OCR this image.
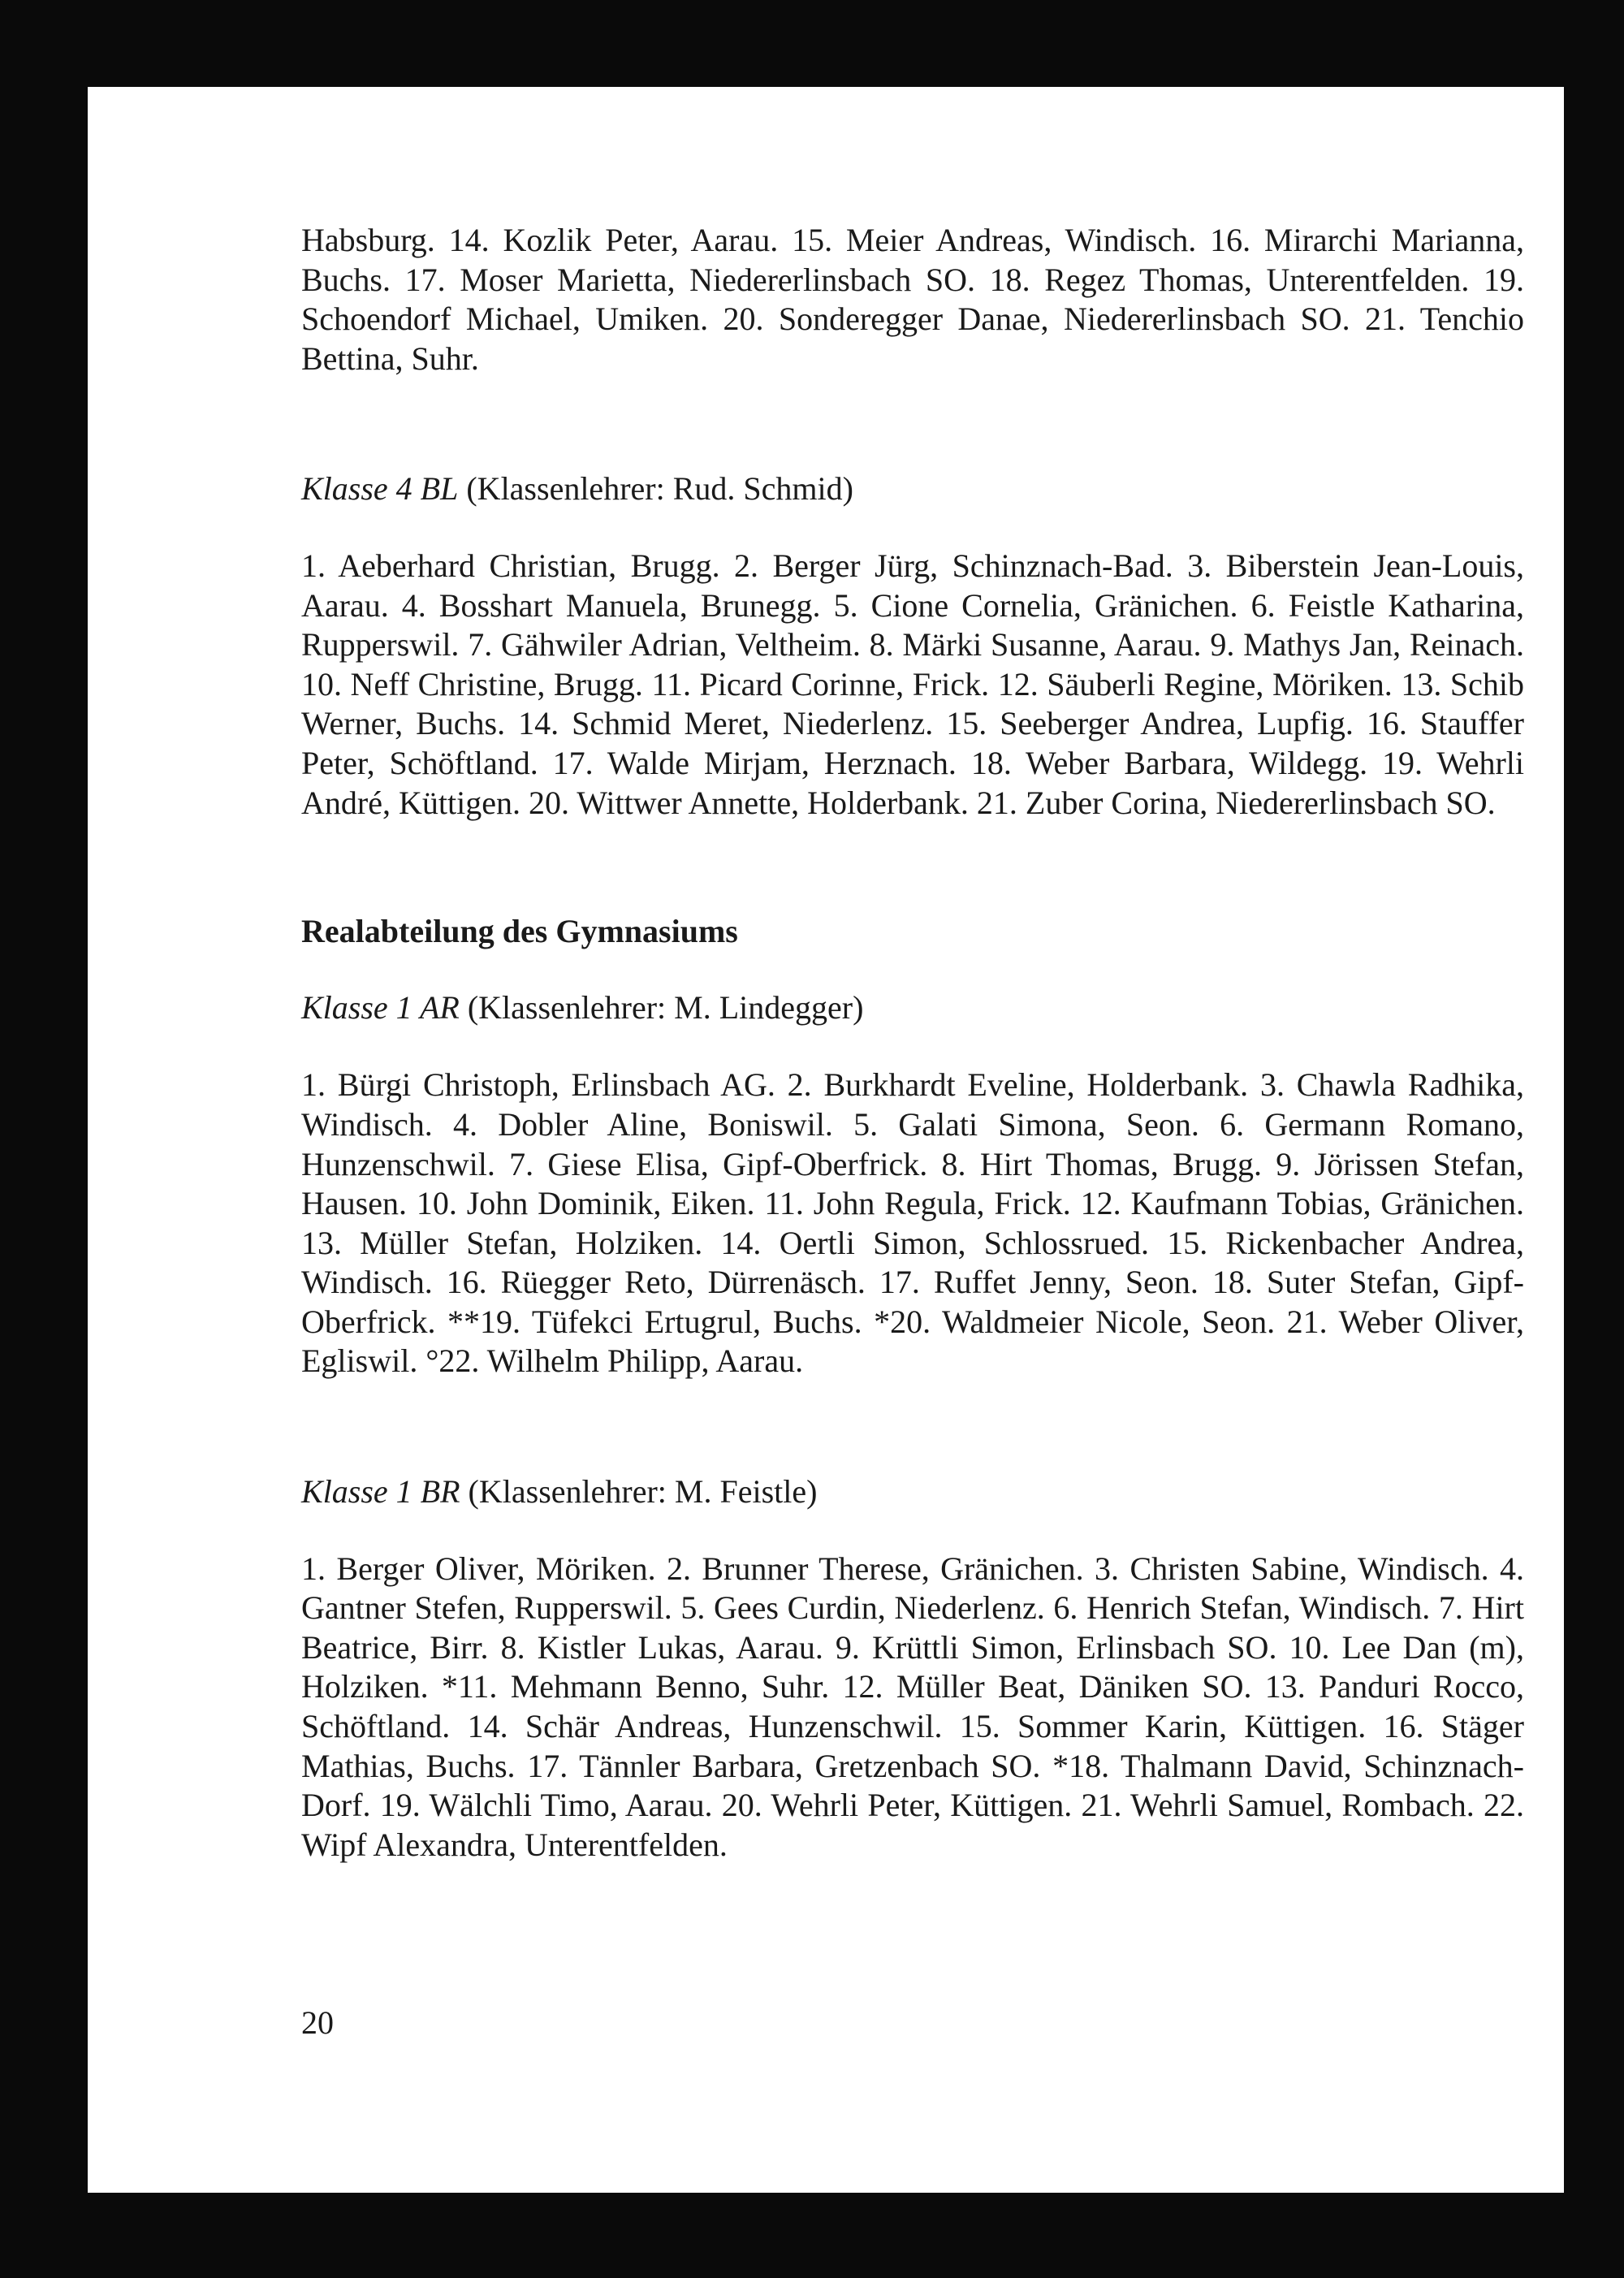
Habsburg. 14. Kozlik Peter, Aarau. 15. Meier Andreas, Windisch. 16. Mirarchi Marianna, Buchs. 17. Moser Marietta, Niedererlinsbach SO. 18. Regez Thomas, Unterentfelden. 19. Schoendorf Michael, Umiken. 20. Sonderegger Danae, Niedererlinsbach SO. 21. Tenchio Bettina, Suhr.

Klasse 4 BL (Klassenlehrer: Rud. Schmid)

1. Aeberhard Christian, Brugg. 2. Berger Jürg, Schinznach-Bad. 3. Biberstein Jean-Louis, Aarau. 4. Bosshart Manuela, Brunegg. 5. Cione Cornelia, Gränichen. 6. Feistle Katharina, Rupperswil. 7. Gähwiler Adrian, Veltheim. 8. Märki Susanne, Aarau. 9. Mathys Jan, Reinach. 10. Neff Christine, Brugg. 11. Picard Corinne, Frick. 12. Säuberli Regine, Möriken. 13. Schib Werner, Buchs. 14. Schmid Meret, Niederlenz. 15. Seeberger Andrea, Lupfig. 16. Stauffer Peter, Schöftland. 17. Walde Mirjam, Herznach. 18. Weber Barbara, Wildegg. 19. Wehrli André, Küttigen. 20. Wittwer Annette, Holderbank. 21. Zuber Corina, Niedererlinsbach SO.

Realabteilung des Gymnasiums

Klasse 1 AR (Klassenlehrer: M. Lindegger)

1. Bürgi Christoph, Erlinsbach AG. 2. Burkhardt Eveline, Holderbank. 3. Chawla Radhika, Windisch. 4. Dobler Aline, Boniswil. 5. Galati Simona, Seon. 6. Germann Romano, Hunzenschwil. 7. Giese Elisa, Gipf-Oberfrick. 8. Hirt Thomas, Brugg. 9. Jörissen Stefan, Hausen. 10. John Dominik, Eiken. 11. John Regula, Frick. 12. Kaufmann Tobias, Gränichen. 13. Müller Stefan, Holziken. 14. Oertli Simon, Schlossrued. 15. Rickenbacher Andrea, Windisch. 16. Rüegger Reto, Dürrenäsch. 17. Ruffet Jenny, Seon. 18. Suter Stefan, Gipf-Oberfrick. **19. Tüfekci Ertugrul, Buchs. *20. Waldmeier Nicole, Seon. 21. Weber Oliver, Egliswil. °22. Wilhelm Philipp, Aarau.

Klasse 1 BR (Klassenlehrer: M. Feistle)

1. Berger Oliver, Möriken. 2. Brunner Therese, Gränichen. 3. Christen Sabine, Windisch. 4. Gantner Stefen, Rupperswil. 5. Gees Curdin, Niederlenz. 6. Henrich Stefan, Windisch. 7. Hirt Beatrice, Birr. 8. Kistler Lukas, Aarau. 9. Krüttli Simon, Erlinsbach SO. 10. Lee Dan (m), Holziken. *11. Mehmann Benno, Suhr. 12. Müller Beat, Däniken SO. 13. Panduri Rocco, Schöftland. 14. Schär Andreas, Hunzenschwil. 15. Sommer Karin, Küttigen. 16. Stäger Mathias, Buchs. 17. Tännler Barbara, Gretzenbach SO. *18. Thalmann David, Schinznach-Dorf. 19. Wälchli Timo, Aarau. 20. Wehrli Peter, Küttigen. 21. Wehrli Samuel, Rombach. 22. Wipf Alexandra, Unterentfelden.

20
